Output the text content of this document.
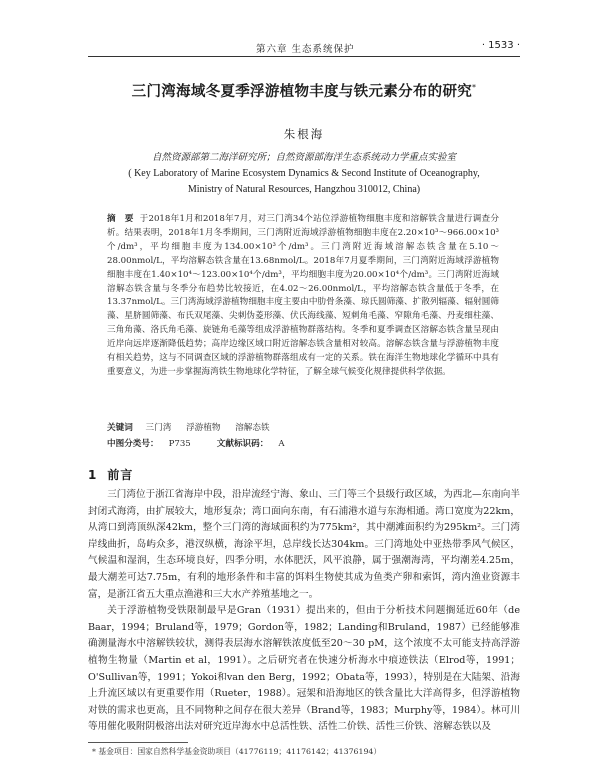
第六章 生态系统保护	· 1533 ·
三门湾海域冬夏季浮游植物丰度与铁元素分布的研究*
朱根海
自然资源部第二海洋研究所；自然资源部海洋生态系统动力学重点实验室
( Key Laboratory of Marine Ecosystem Dynamics & Second Institute of Oceanography,
Ministry of Natural Resources, Hangzhou 310012, China)
摘　要 于2018年1月和2018年7月，对三门湾34个站位浮游植物细胞丰度和溶解铁含量进行调查分析。结果表明，2018年1月冬季期间，三门湾附近海域浮游植物细胞丰度在2.20×10³～966.00×10³个/dm³，平均细胞丰度为134.00×10³个/dm³。三门湾附近海域溶解态铁含量在5.10～28.00nmol/L，平均溶解态铁含量在13.68nmol/L。2018年7月夏季期间，三门湾附近海域浮游植物细胞丰度在1.40×10⁴～123.00×10⁴个/dm³，平均细胞丰度为20.00×10⁴个/dm³。三门湾附近海域溶解态铁含量与冬季分布趋势比较接近，在4.02～26.00nmol/L，平均溶解态铁含量低于冬季，在13.37nmol/L。三门湾海域浮游植物细胞丰度主要由中肋骨条藻、琼氏圆筛藻、扩散列辐藻、辐射圆筛藻、星脐圆筛藻、布氏双尾藻、尖刺伪菱形藻、伏氏海线藻、短刺角毛藻、窄隙角毛藻、丹麦细柱藻、三角角藻、洛氏角毛藻、旋链角毛藻等组成浮游植物群落结构。冬季和夏季调查区溶解态铁含量呈现由近岸向远岸逐渐降低趋势；高岸边缘区域口附近溶解态铁含量相对较高。溶解态铁含量与浮游植物丰度有相关趋势，这与不同调查区域的浮游植物群落组成有一定的关系。铁在海洋生物地球化学循环中具有重要意义，为进一步掌握海湾铁生物地球化学特征，了解全球气候变化规律提供科学依据。
关键词 三门湾 浮游植物 溶解态铁
中图分类号： P735	文献标识码： A
1 前言

三门湾位于浙江省海岸中段，沿岸流经宁海、象山、三门等三个县级行政区域，为西北—东南向半封闭式海湾，由扩展较大，地形复杂；湾口面向东南，有石浦港水道与东海相通。湾口宽度为22km，从湾口到湾顶纵深42km，整个三门湾的海域面积约为775km²，其中潮滩面积约为295km²。三门湾岸线曲折，岛屿众多，港汊纵横，海涂平坦，总岸线长达304km。三门湾地处中亚热带季风气候区，气候温和湿润，生态环境良好，四季分明，水体肥沃，风平浪静，属于强潮海湾，平均潮差4.25m，最大潮差可达7.75m，有利的地形条件和丰富的饵料生物使其成为鱼类产卵和索饵，湾内渔业资源丰富，是浙江省五大重点渔港和三大水产养殖基地之一。

关于浮游植物受铁限制最早是Gran（1931）提出来的，但由于分析技术问题搁延近60年（de Baar，1994；Bruland等，1979；Gordon等，1982；Landing和Bruland，1987）已经能够准确测量海水中溶解铁较状，测得表层海水溶解铁浓度低至20～30 pM，这个浓度不太可能支持高浮游植物生物量（Martin et al，1991）。之后研究者在快速分析海水中痕迹铁法（Elrod等，1991；O'Sullivan等，1991；Yokoi和van den Berg，1992；Obata等，1993），特别是在大陆架、沿海上升流区域以有更重要作用（Rueter，1988）。冠架和沿海地区的铁含量比大洋高得多，但浮游植物对铁的需求也更高，且不同物种之间存在很大差异（Brand等，1983；Murphy等，1984）。林可川等用催化吸附阴极溶出法对研究近岸海水中总活性铁、活性二价铁、活性三价铁、溶解态铁以及

* 基金项目：国家自然科学基金资助项目（41776119；41176142；41376194）
